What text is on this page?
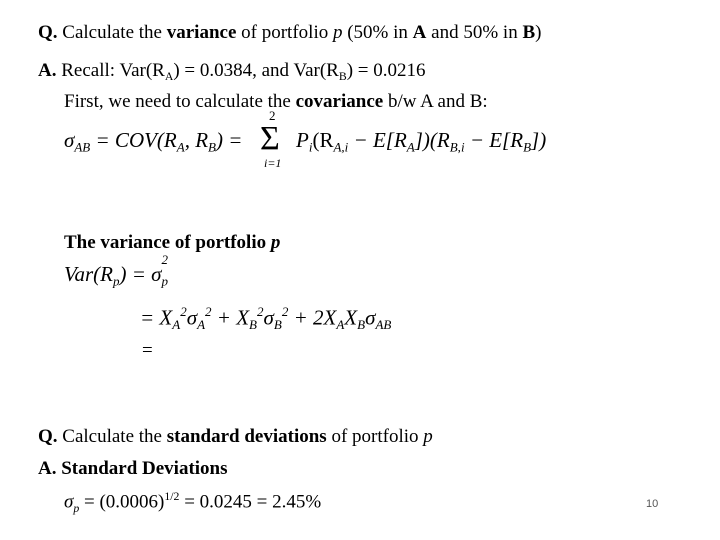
Q. Calculate the variance of portfolio p (50% in A and 50% in B)
A. Recall: $Var(R_A) = 0.0384$, and $Var(R_B) = 0.0216$
First, we need to calculate the covariance b/w A and B:
$\sigma_{AB} = COV(R_A$, $R_B$) =
2
Σ
i=1
$P_i(R_{A,i} - E[R_A])(R_{B,i} - E[R_B])$
The variance of portfolio p
$Var(R_p) = \sigma_p$
2
= $X_A^2\sigma_A^2 + X_B^2\sigma_B^2 + 2X_AX_B\sigma_{AB}$
=
Q. Calculate the standard deviations of portfolio p
A. Standard Deviations
$\sigma_p = (0.0006)^{1/2} = 0.0245 = 2.45\%$	10
